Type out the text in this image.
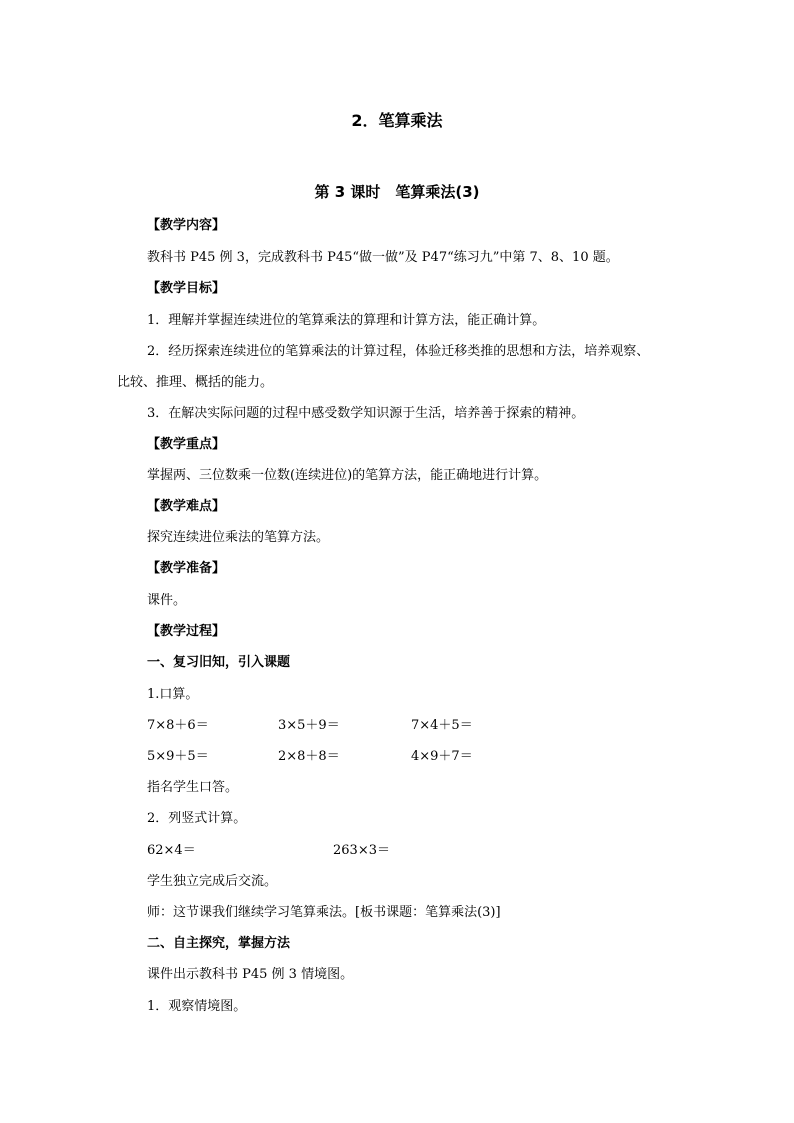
2．笔算乘法
第 3 课时　笔算乘法(3)
【教学内容】
教科书 P45 例 3，完成教科书 P45“做一做”及 P47“练习九”中第 7、8、10 题。
【教学目标】
1．理解并掌握连续进位的笔算乘法的算理和计算方法，能正确计算。
2．经历探索连续进位的笔算乘法的计算过程，体验迁移类推的思想和方法，培养观察、
比较、推理、概括的能力。
3．在解决实际问题的过程中感受数学知识源于生活，培养善于探索的精神。
【教学重点】
掌握两、三位数乘一位数(连续进位)的笔算方法，能正确地进行计算。
【教学难点】
探究连续进位乘法的笔算方法。
【教学准备】
课件。
【教学过程】
一、复习旧知，引入课题
1.口算。
7×8＋6＝	3×5＋9＝	7×4＋5＝
5×9＋5＝	2×8＋8＝	4×9＋7＝
指名学生口答。
2．列竖式计算。
62×4＝	263×3＝
学生独立完成后交流。
师：这节课我们继续学习笔算乘法。[板书课题：笔算乘法(3)]
二、自主探究，掌握方法
课件出示教科书 P45 例 3 情境图。
1．观察情境图。
